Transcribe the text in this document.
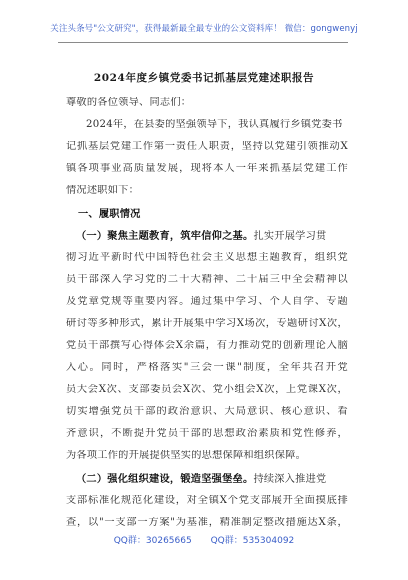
关注头条号"公文研究"，获得最新最全最专业的公文资料库！ 微信：gongwenyj
2024年度乡镇党委书记抓基层党建述职报告
尊敬的各位领导、同志们：
2024年，在县委的坚强领导下，我认真履行乡镇党委书
记抓基层党建工作第一责任人职责，坚持以党建引领推动X
镇各项事业高质量发展，现将本人一年来抓基层党建工作
情况述职如下：
一、履职情况
（一）聚焦主题教育，筑牢信仰之基。扎实开展学习贯
彻习近平新时代中国特色社会主义思想主题教育，组织党
员干部深入学习党的二十大精神、二十届三中全会精神以
及党章党规等重要内容。通过集中学习、个人自学、专题
研讨等多种形式，累计开展集中学习X场次，专题研讨X次，
党员干部撰写心得体会X余篇，有力推动党的创新理论入脑
入心。同时，严格落实"三会一课"制度，全年共召开党
员大会X次、支部委员会X次、党小组会X次，上党课X次，
切实增强党员干部的政治意识、大局意识、核心意识、看
齐意识，不断提升党员干部的思想政治素质和党性修养，
为各项工作的开展提供坚实的思想保障和组织保障。
（二）强化组织建设，锻造坚强堡垒。持续深入推进党
支部标准化规范化建设，对全镇X个党支部展开全面摸底排
查，以"一支部一方案"为基准，精准制定整改措施达X条，
QQ群：30265665 QQ群：535304092
